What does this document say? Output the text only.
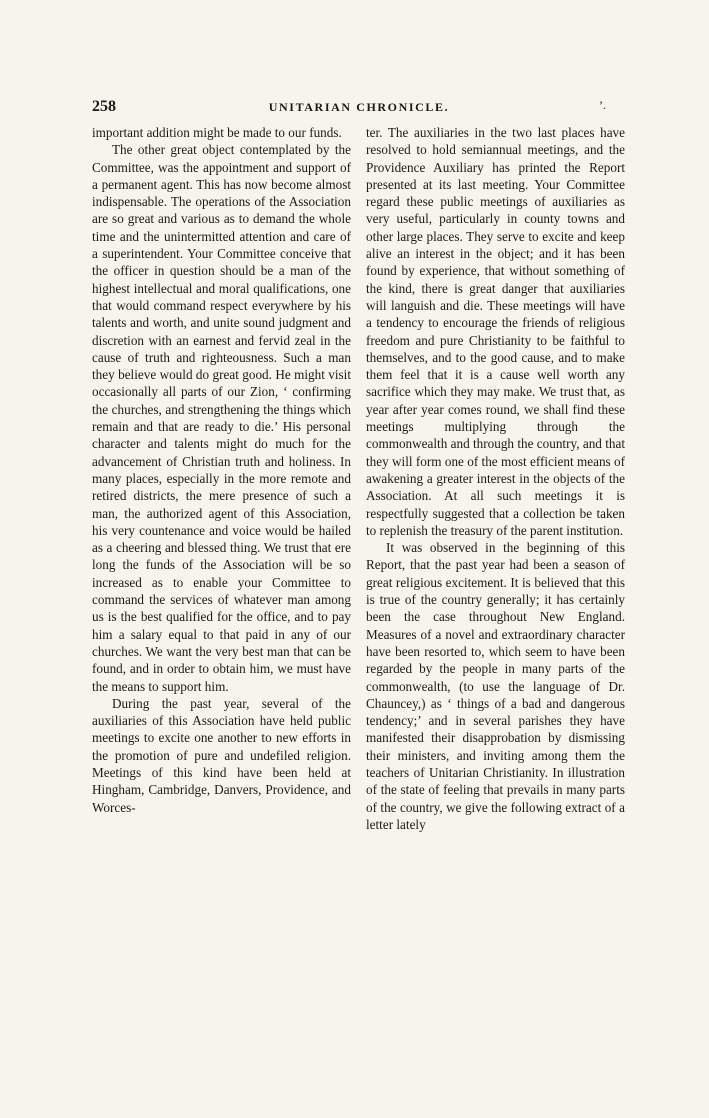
258	UNITARIAN CHRONICLE.	’.

important addition might be made to our funds.

The other great object contemplated by the Committee, was the appointment and support of a permanent agent. This has now become almost indispensable. The operations of the Association are so great and various as to demand the whole time and the unintermitted attention and care of a superintendent. Your Committee conceive that the officer in question should be a man of the highest intellectual and moral qualifications, one that would command respect everywhere by his talents and worth, and unite sound judgment and discretion with an earnest and fervid zeal in the cause of truth and righteousness. Such a man they believe would do great good. He might visit occasionally all parts of our Zion, ‘ confirming the churches, and strengthening the things which remain and that are ready to die.’ His personal character and talents might do much for the advancement of Christian truth and holiness. In many places, especially in the more remote and retired districts, the mere presence of such a man, the authorized agent of this Association, his very countenance and voice would be hailed as a cheering and blessed thing. We trust that ere long the funds of the Association will be so increased as to enable your Committee to command the services of whatever man among us is the best qualified for the office, and to pay him a salary equal to that paid in any of our churches. We want the very best man that can be found, and in order to obtain him, we must have the means to support him.

During the past year, several of the auxiliaries of this Association have held public meetings to excite one another to new efforts in the promotion of pure and undefiled religion. Meetings of this kind have been held at Hingham, Cambridge, Danvers, Providence, and Worces-

ter. The auxiliaries in the two last places have resolved to hold semiannual meetings, and the Providence Auxiliary has printed the Report presented at its last meeting. Your Committee regard these public meetings of auxiliaries as very useful, particularly in county towns and other large places. They serve to excite and keep alive an interest in the object; and it has been found by experience, that without something of the kind, there is great danger that auxiliaries will languish and die. These meetings will have a tendency to encourage the friends of religious freedom and pure Christianity to be faithful to themselves, and to the good cause, and to make them feel that it is a cause well worth any sacrifice which they may make. We trust that, as year after year comes round, we shall find these meetings multiplying through the commonwealth and through the country, and that they will form one of the most efficient means of awakening a greater interest in the objects of the Association. At all such meetings it is respectfully suggested that a collection be taken to replenish the treasury of the parent institution.

It was observed in the beginning of this Report, that the past year had been a season of great religious excitement. It is believed that this is true of the country generally; it has certainly been the case throughout New England. Measures of a novel and extraordinary character have been resorted to, which seem to have been regarded by the people in many parts of the commonwealth, (to use the language of Dr. Chauncey,) as ‘ things of a bad and dangerous tendency;’ and in several parishes they have manifested their disapprobation by dismissing their ministers, and inviting among them the teachers of Unitarian Christianity. In illustration of the state of feeling that prevails in many parts of the country, we give the following extract of a letter lately
